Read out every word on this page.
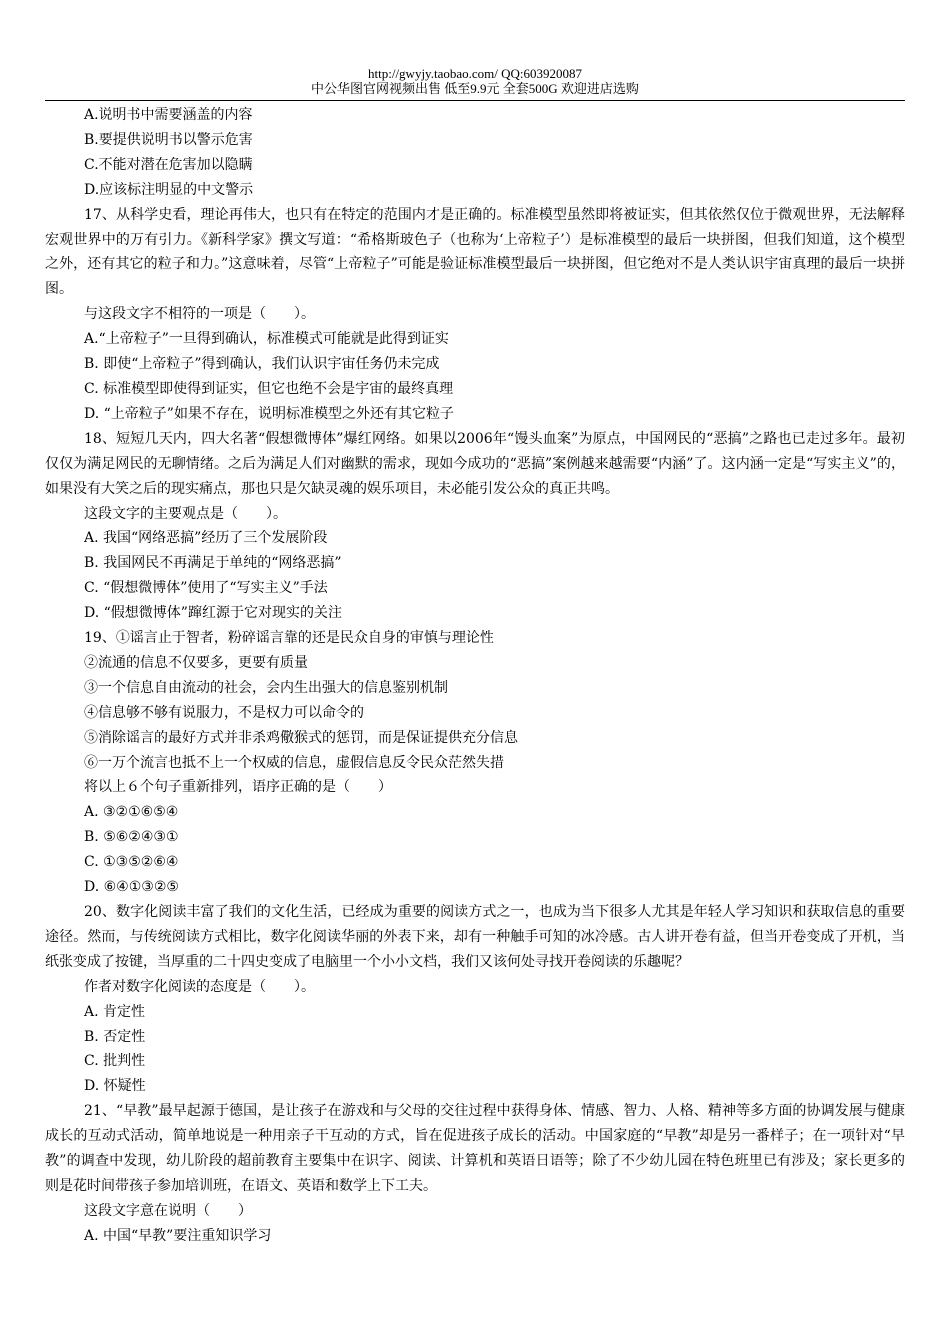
http://gwyjy.taobao.com/ QQ:603920087
中公华图官网视频出售 低至9.9元 全套500G 欢迎进店选购

A.说明书中需要涵盖的内容

B.要提供说明书以警示危害

C.不能对潜在危害加以隐瞒

D.应该标注明显的中文警示

17、从科学史看，理论再伟大，也只有在特定的范围内才是正确的。标准模型虽然即将被证实，但其依然仅位于微观世界，无法解释宏观世界中的万有引力。《新科学家》撰文写道：“希格斯玻色子（也称为‘上帝粒子’）是标准模型的最后一块拼图，但我们知道，这个模型之外，还有其它的粒子和力。”这意味着，尽管“上帝粒子”可能是验证标准模型最后一块拼图，但它绝对不是人类认识宇宙真理的最后一块拼图。

与这段文字不相符的一项是（　　）。

A.“上帝粒子”一旦得到确认，标准模式可能就是此得到证实

B. 即使“上帝粒子”得到确认，我们认识宇宙任务仍未完成

C. 标准模型即使得到证实，但它也绝不会是宇宙的最终真理

D. “上帝粒子”如果不存在，说明标准模型之外还有其它粒子

18、短短几天内，四大名著“假想微博体”爆红网络。如果以2006年“馒头血案”为原点，中国网民的“恶搞”之路也已走过多年。最初仅仅为满足网民的无聊情绪。之后为满足人们对幽默的需求，现如今成功的“恶搞”案例越来越需要“内涵”了。这内涵一定是“写实主义”的，如果没有大笑之后的现实痛点，那也只是欠缺灵魂的娱乐项目，未必能引发公众的真正共鸣。

这段文字的主要观点是（　　）。

A. 我国“网络恶搞”经历了三个发展阶段

B. 我国网民不再满足于单纯的“网络恶搞”

C. “假想微博体”使用了“写实主义”手法

D. “假想微博体”蹿红源于它对现实的关注

19、①谣言止于智者，粉碎谣言靠的还是民众自身的审慎与理论性

②流通的信息不仅要多，更要有质量

③一个信息自由流动的社会，会内生出强大的信息鉴别机制

④信息够不够有说服力，不是权力可以命令的

⑤消除谣言的最好方式并非杀鸡儆猴式的惩罚，而是保证提供充分信息

⑥一万个流言也抵不上一个权威的信息，虚假信息反令民众茫然失措

将以上６个句子重新排列，语序正确的是（　　）

A. ③②①⑥⑤④

B. ⑤⑥②④③①

C. ①③⑤②⑥④

D. ⑥④①③②⑤

20、数字化阅读丰富了我们的文化生活，已经成为重要的阅读方式之一，也成为当下很多人尤其是年轻人学习知识和获取信息的重要途径。然而，与传统阅读方式相比，数字化阅读华丽的外表下来，却有一种触手可知的冰冷感。古人讲开卷有益，但当开卷变成了开机，当纸张变成了按键，当厚重的二十四史变成了电脑里一个小小文档，我们又该何处寻找开卷阅读的乐趣呢？

作者对数字化阅读的态度是（　　）。

A. 肯定性

B. 否定性

C. 批判性

D. 怀疑性

21、“早教”最早起源于德国，是让孩子在游戏和与父母的交往过程中获得身体、情感、智力、人格、精神等多方面的协调发展与健康成长的互动式活动，简单地说是一种用亲子干互动的方式，旨在促进孩子成长的活动。中国家庭的“早教”却是另一番样子；在一项针对“早教”的调查中发现，幼儿阶段的超前教育主要集中在识字、阅读、计算机和英语日语等；除了不少幼儿园在特色班里已有涉及；家长更多的则是花时间带孩子参加培训班，在语文、英语和数学上下工夫。

这段文字意在说明（　　）

A. 中国“早教”要注重知识学习
